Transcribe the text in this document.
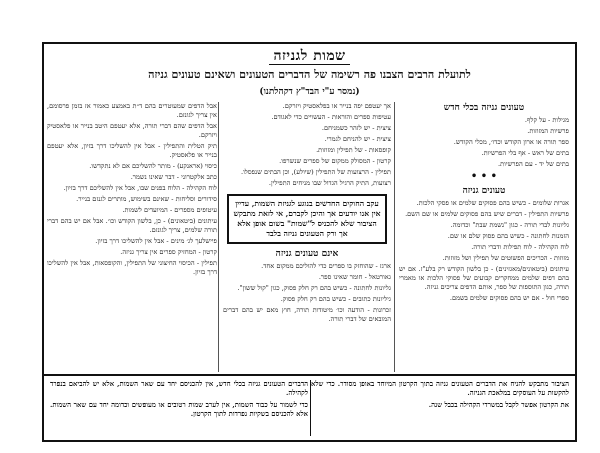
שמות לגניזה
לתועלת הרבים הצבנו פה רשימה של הדברים הטעונים ושאינם טעונים גניזה
(נמסר ע"י הבד"ץ דקהלתנו)
טעונים גניזה בכלי חדש
מגילות - על קלף.
פרשיות המזוזות.
ספר תורה או ארון הקודש וכדו׳, מכלי הקודש.
בתים של ראש - אף בלי הפרשיות.
בתים של יד - עם הפרשיות.
• • •
טעונים גניזה
אגרות שלומים - כשיש בהם פסוקים שלמים או פסקי הלכות.
פרשיות התפילין - דברים שיש בהם פסוקים שלמים או שם השם.
גליונות לבדי תורה - כגון "נשמת שבת" וכדומה.
הזמנות לחתונה - כשיש בהם פסוק שלם או שם.
לוח הקהילה - לוח תפילות ודברי תורה.
מזוזות - הכריכים הפשוטים של תפילין ושל מזוזות.
עיתונים (ביטאונים/מאגזינים) - כן בלשון הקודש רק בלע"ז. אם יש בהם דפים שלמים ממחקרים קבועים של פסוקי הלכות או מאמרי תורה, כגון התוספות של ספר, אותם הדפים צריכים גניזה.
ספרי חול - אם יש בהם פסוקים שלמים בשמם.
אך יעטפם יפה בנייר או בפלאסטיק ויזרקם.
עטיפות ספרים והוראות - העשויים כדי לאגודם.
ציצית - יש לזהר כשמניחם.
ציצית - יש להניחם לגמרי.
קופסאות - של תפילין ומזוזות.
קרטון - המסולק ממקום של ספרים שנשרפו.
תפילין - הרצועות של התפילין (שיולע), וכן הבתים שנפסלו.
רצועות, התיק הרגיל הגדול שבו מניחים התפילין.
עקב החוקים החדשים בנוגע לגניזת השמות, עדיין אין אנו יודעים אך והיכן לקברם, אי לזאת מתבקש הציבור שלא להכניס ל"שמות" בשום אופן אלא אך ורק הטעונים גניזה בלבד
אינם טעונים גניזה
ארגז - שהוחזק בו ספרים כדי להוליכם ממקום אחד.
גאורטאל - חומר שאינו ספר.
גליונות לחתונה - כשיש בהם רק חלק פסוק, כגון "קול ששון".
גיליונות כתובים - כשיש בהם רק חלק פסוק.
זכרונות - הודעה וכו׳ מיטודות תורה, חוץ מאם יש בהם דברים המובאים של דברי תורה.
אבל הדפים שמעוטרים בהם ד״ת באמצע כאמור אז בזמן פרסומם, אין צריך לגונזם.
אבל הדפים שהם דברי תורה, אלא יעטפם היטב בנייר או פלאסטיק ויזרקם.
תיק הטלית והתפילין - אבל אין להשליכו דרך בזיון, אלא יעטפם בנייר או פלאסטיק.
כיסוי (אראנקע) - מותר להשליכם אם לא נתקדשו.
כתב אלקטרוני - דבר שאינו נשמר.
לוח הקהילה - הלוח בפנים שבו, אבל אין להשליכם דרך בזיון.
סידורים וסליחות - שאינם בשימוש, מותרים לגנזם בנייר.
עיטופים מספרים - המיועדים לשמות.
עיתונים (ביטאונים) - כן, בלשון הקודש וכו׳. אבל אם יש בהם דברי תורה שלמים, צריך לגונזם.
פיישלעך לג׳ מינים - אבל אין להשליכו דרך בזיון.
קרטון - המחזיק ספרים אין צריך גניזה.
תפילין - הכיסוי החיצוני של התפילין, והקופסאות, אבל אין להשליכו דרך בזיון.
הציבור מתבקש להניח את הדברים הטעונים גניזה בתוך הקרטון המיוחד באופן מסודר. כדי שלא להקשות על העוסקים במלאכת הגניזה.
את הקרטון אפשר לקבל במשרדי הקהילה בכבל שנה.
הדברים הטעונים גניזה בכלי חדש, אין להכניסם יחד עם שאר השמות, אלא יש להביאם בנפרד לקהילה.
כדי לשמור על כבוד השמות, אין לערב שמות רטובים או מעופשים וכדומה יחד עם שאר השמות. אלא להכניסם בשקיות נפרדות לתוך הקרטון.
